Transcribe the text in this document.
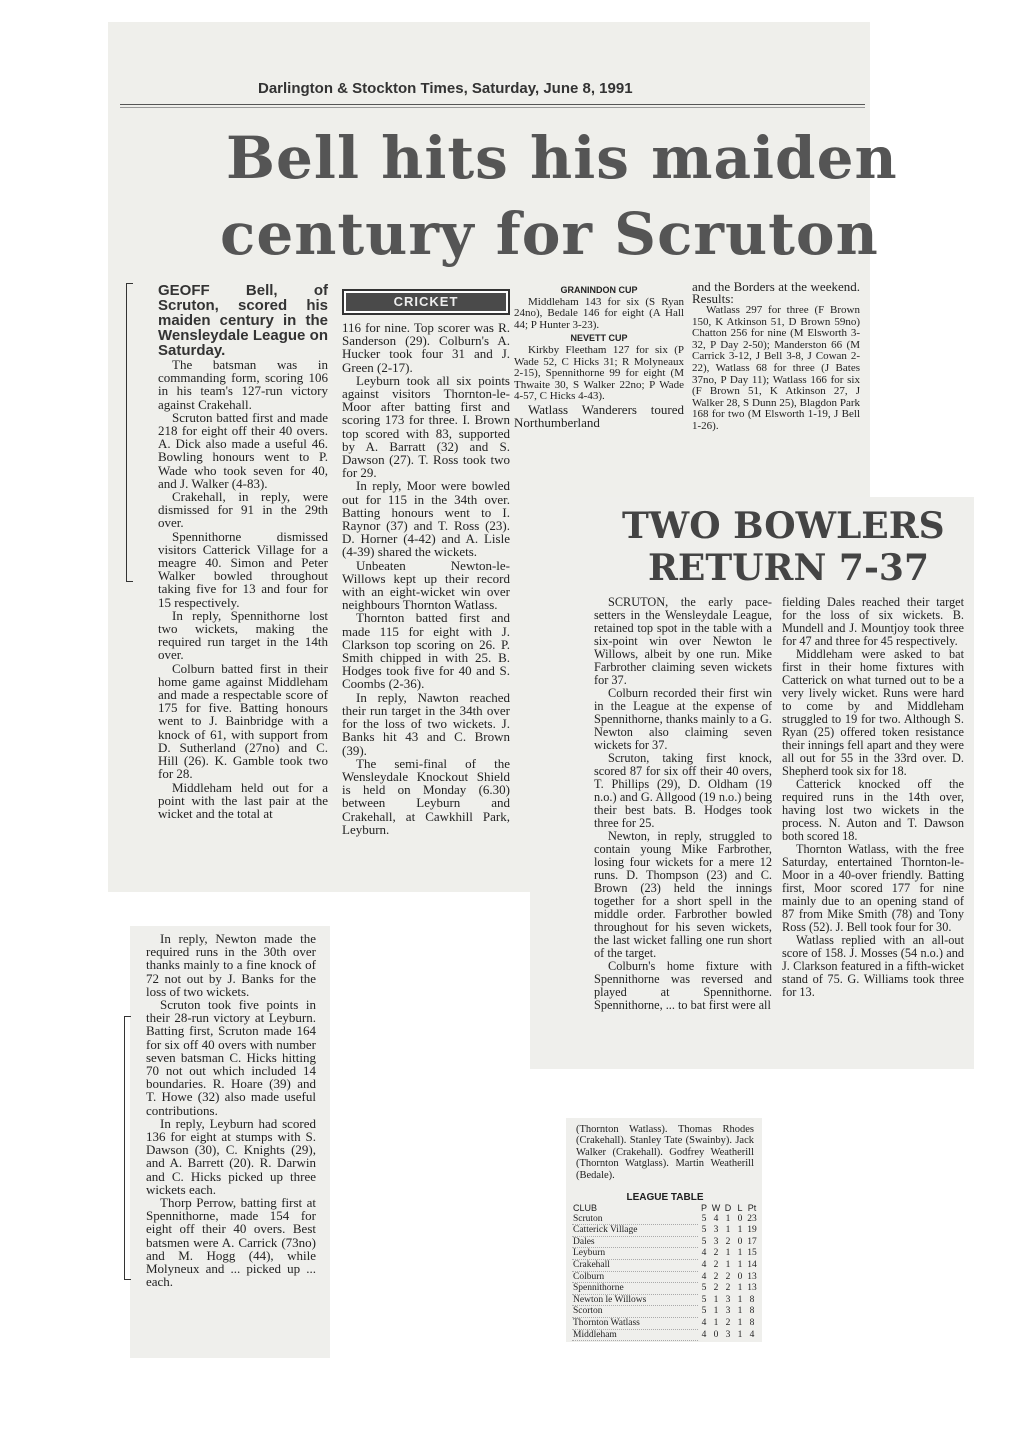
Darlington & Stockton Times, Saturday, June 8, 1991
Bell hits his maiden
century for Scruton

GEOFF Bell, of Scruton, scored his maiden century in the Wensleydale League on Saturday.

The batsman was in commanding form, scoring 106 in his team's 127-run victory against Crakehall.

Scruton batted first and made 218 for eight off their 40 overs. A. Dick also made a useful 46. Bowling honours went to P. Wade who took seven for 40, and J. Walker (4-83).

Crakehall, in reply, were dismissed for 91 in the 29th over.

Spennithorne dismissed visitors Catterick Village for a meagre 40. Simon and Peter Walker bowled throughout taking five for 13 and four for 15 respectively.

In reply, Spennithorne lost two wickets, making the required run target in the 14th over.

Colburn batted first in their home game against Middleham and made a respectable score of 175 for five. Batting honours went to J. Bainbridge with a knock of 61, with support from D. Sutherland (27no) and C. Hill (26). K. Gamble took two for 28.

Middleham held out for a point with the last pair at the wicket and the total at

CRICKET

116 for nine. Top scorer was R. Sanderson (29). Colburn's A. Hucker took four 31 and J. Green (2-17).

Leyburn took all six points against visitors Thornton-le-Moor after batting first and scoring 173 for three. I. Brown top scored with 83, supported by A. Barratt (32) and S. Dawson (27). T. Ross took two for 29.

In reply, Moor were bowled out for 115 in the 34th over. Batting honours went to I. Raynor (37) and T. Ross (23). D. Horner (4-42) and A. Lisle (4-39) shared the wickets.

Unbeaten Newton-le-Willows kept up their record with an eight-wicket win over neighbours Thornton Watlass.

Thornton batted first and made 115 for eight with J. Clarkson top scoring on 26. P. Smith chipped in with 25. B. Hodges took five for 40 and S. Coombs (2-36).

In reply, Nawton reached their run target in the 34th over for the loss of two wickets. J. Banks hit 43 and C. Brown (39).

The semi-final of the Wensleydale Knockout Shield is held on Monday (6.30) between Leyburn and Crakehall, at Cawkhill Park, Leyburn.

GRANINDON CUP

Middleham 143 for six (S Ryan 24no), Bedale 146 for eight (A Hall 44; P Hunter 3-23).

NEVETT CUP

Kirkby Fleetham 127 for six (P Wade 52, C Hicks 31; R Molyneaux 2-15), Spennithorne 99 for eight (M Thwaite 30, S Walker 22no; P Wade 4-57, C Hicks 4-43).

Watlass Wanderers toured Northumberland

and the Borders at the weekend. Results:

Watlass 297 for three (F Brown 150, K Atkinson 51, D Brown 59no) Chatton 256 for nine (M Elsworth 3-32, P Day 2-50); Manderston 66 (M Carrick 3-12, J Bell 3-8, J Cowan 2-22), Watlass 68 for three (J Bates 37no, P Day 11); Watlass 166 for six (F Brown 51, K Atkinson 27, J Walker 28, S Dunn 25), Blagdon Park 168 for two (M Elsworth 1-19, J Bell 1-26).

TWO BOWLERS
RETURN 7-37

SCRUTON, the early pace-setters in the Wensleydale League, retained top spot in the table with a six-point win over Newton le Willows, albeit by one run. Mike Farbrother claiming seven wickets for 37.

Colburn recorded their first win in the League at the expense of Spennithorne, thanks mainly to a G. Newton also claiming seven wickets for 37.

Scruton, taking first knock, scored 87 for six off their 40 overs, T. Phillips (29), D. Oldham (19 n.o.) and G. Allgood (19 n.o.) being their best bats. B. Hodges took three for 25.

Newton, in reply, struggled to contain young Mike Farbrother, losing four wickets for a mere 12 runs. D. Thompson (23) and C. Brown (23) held the innings together for a short spell in the middle order. Farbrother bowled throughout for his seven wickets, the last wicket falling one run short of the target.

Colburn's home fixture with Spennithorne was reversed and played at Spennithorne. Spennithorne, ... to bat first were all

fielding Dales reached their target for the loss of six wickets. B. Mundell and J. Mountjoy took three for 47 and three for 45 respectively.

Middleham were asked to bat first in their home fixtures with Catterick on what turned out to be a very lively wicket. Runs were hard to come by and Middleham struggled to 19 for two. Although S. Ryan (25) offered token resistance their innings fell apart and they were all out for 55 in the 33rd over. D. Shepherd took six for 18.

Catterick knocked off the required runs in the 14th over, having lost two wickets in the process. N. Auton and T. Dawson both scored 18.

Thornton Watlass, with the free Saturday, entertained Thornton-le-Moor in a 40-over friendly. Batting first, Moor scored 177 for nine mainly due to an opening stand of 87 from Mike Smith (78) and Tony Ross (52). J. Bell took four for 30.

Watlass replied with an all-out score of 158. J. Mosses (54 n.o.) and J. Clarkson featured in a fifth-wicket stand of 75. G. Williams took three for 13.

In reply, Newton made the required runs in the 30th over thanks mainly to a fine knock of 72 not out by J. Banks for the loss of two wickets.

Scruton took five points in their 28-run victory at Leyburn. Batting first, Scruton made 164 for six off 40 overs with number seven batsman C. Hicks hitting 70 not out which included 14 boundaries. R. Hoare (39) and T. Howe (32) also made useful contributions.

In reply, Leyburn had scored 136 for eight at stumps with S. Dawson (30), C. Knights (29), and A. Barrett (20). R. Darwin and C. Hicks picked up three wickets each.

Thorp Perrow, batting first at Spennithorne, made 154 for eight off their 40 overs. Best batsmen were A. Carrick (73no) and M. Hogg (44), while Molyneux and ... picked up ... each.

(Thornton Watlass). Thomas Rhodes (Crakehall). Stanley Tate (Swainby). Jack Walker (Crakehall). Godfrey Weatherill (Thornton Watglass). Martin Weatherill (Bedale).

LEAGUE TABLE
CLUB	P	W	D	L	Pt
Scruton	5	4	1	0	23
Catterick Village	5	3	1	1	19
Dales	5	3	2	0	17
Leyburn	4	2	1	1	15
Crakehall	4	2	1	1	14
Colburn	4	2	2	0	13
Spennithorne	5	2	2	1	13
Newton le Willows	5	1	3	1	8
Scorton	5	1	3	1	8
Thornton Watlass	4	1	2	1	8
Middleham	4	0	3	1	4
